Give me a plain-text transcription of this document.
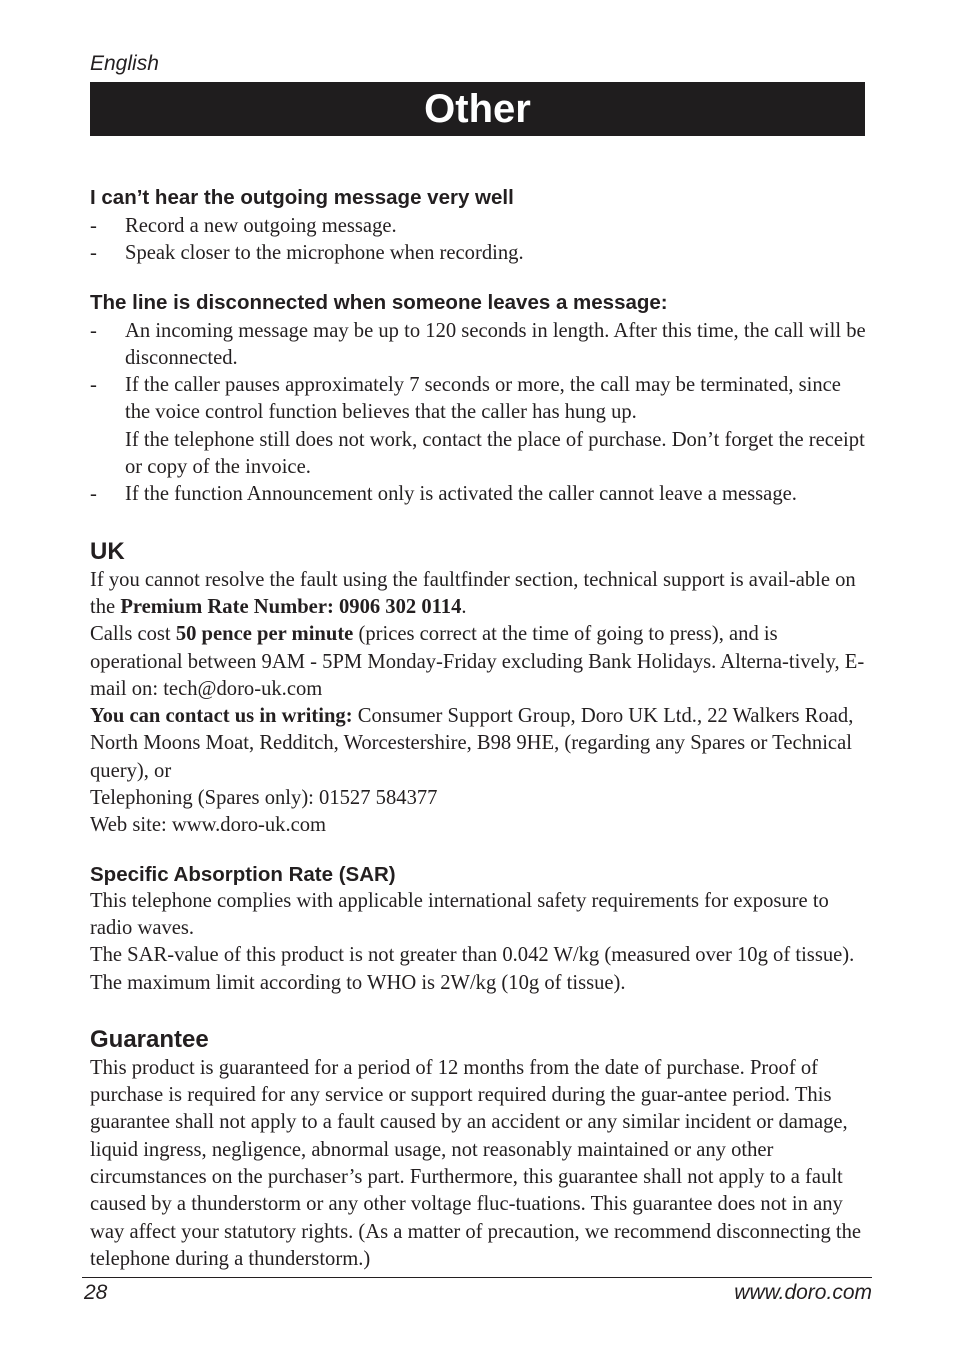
English
Other
I can’t hear the outgoing message very well
- Record a new outgoing message.
- Speak closer to the microphone when recording.
The line is disconnected when someone leaves a message:
- An incoming message may be up to 120 seconds in length. After this time, the call will be disconnected.
- If the caller pauses approximately 7 seconds or more, the call may be terminated, since the voice control function believes that the caller has hung up.
If the telephone still does not work, contact the place of purchase. Don’t forget the receipt or copy of the invoice.
- If the function Announcement only is activated the caller cannot leave a message.
UK

If you cannot resolve the fault using the faultfinder section, technical support is avail-able on the Premium Rate Number: 0906 302 0114.

Calls cost 50 pence per minute (prices correct at the time of going to press), and is operational between 9AM - 5PM Monday-Friday excluding Bank Holidays. Alterna-tively, E-mail on: tech@doro-uk.com

You can contact us in writing: Consumer Support Group, Doro UK Ltd., 22 Walkers Road, North Moons Moat, Redditch, Worcestershire, B98 9HE, (regarding any Spares or Technical query), or

Telephoning (Spares only): 01527 584377

Web site: www.doro-uk.com

Specific Absorption Rate (SAR)

This telephone complies with applicable international safety requirements for exposure to radio waves.

The SAR-value of this product is not greater than 0.042 W/kg (measured over 10g of tissue). The maximum limit according to WHO is 2W/kg (10g of tissue).

Guarantee

This product is guaranteed for a period of 12 months from the date of purchase. Proof of purchase is required for any service or support required during the guar-antee period. This guarantee shall not apply to a fault caused by an accident or any similar incident or damage, liquid ingress, negligence, abnormal usage, not reasonably maintained or any other circumstances on the purchaser’s part. Furthermore, this guarantee shall not apply to a fault caused by a thunderstorm or any other voltage fluc-tuations. This guarantee does not in any way affect your statutory rights. (As a matter of precaution, we recommend disconnecting the telephone during a thunderstorm.)

28	www.doro.com
